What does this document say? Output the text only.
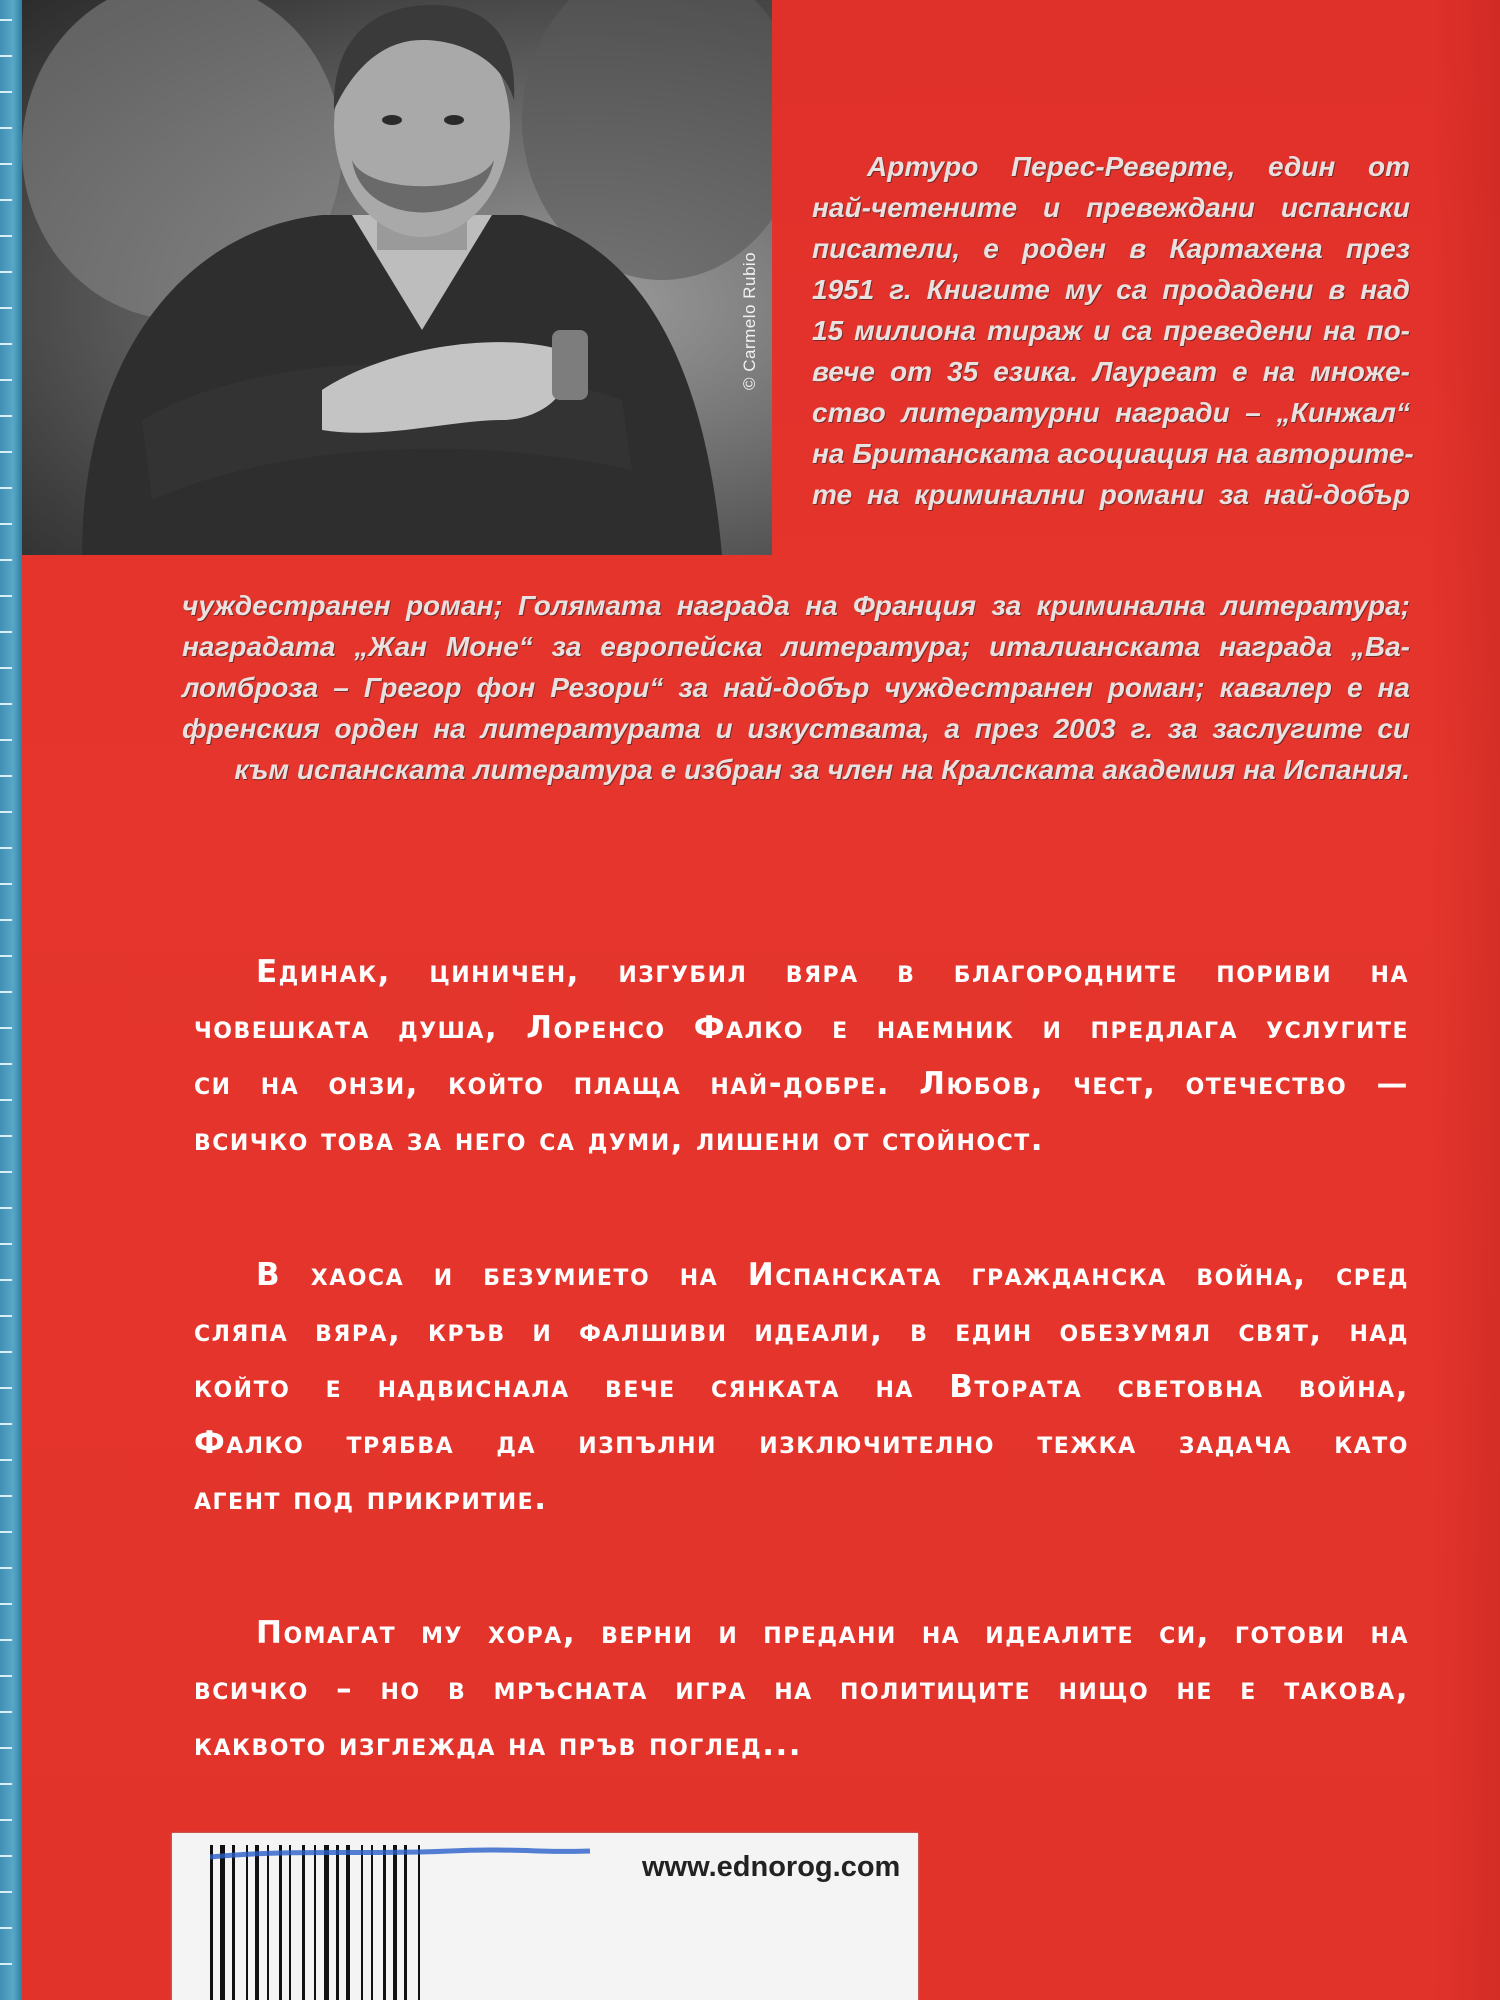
© Carmelo Rubio
Артуро Перес-Реверте, един от
най-четените и превеждани испански
писатели, е роден в Картахена през
1951 г. Книгите му са продадени в над
15 милиона тираж и са преведени на по-
вече от 35 езика. Лауреат е на множе-
ство литературни награди – „Кинжал“
на Британската асоциация на авторите-
те на криминални романи за най-добър
чуждестранен роман; Голямата награда на Франция за криминална литература;
наградата „Жан Моне“ за европейска литература; италианската награда „Ва-
ломброза – Грегор фон Резори“ за най-добър чуждестранен роман; кавалер е на
френския орден на литературата и изкуствата, а през 2003 г. за заслугите си
към испанската литература е избран за член на Кралската академия на Испания.
Единак, циничен, изгубил вяра в благородните пориви на
човешката душа, Лоренсо Фалко е наемник и предлага услугите
си на онзи, който плаща най-добре. Любов, чест, отечество —
всичко това за него са думи, лишени от стойност.
В хаоса и безумието на Испанската гражданска война, сред
сляпа вяра, кръв и фалшиви идеали, в един обезумял свят, над
който е надвиснала вече сянката на Втората световна война,
Фалко трябва да изпълни изключително тежка задача като
агент под прикритие.
Помагат му хора, верни и предани на идеалите си, готови на
всичко – но в мръсната игра на политиците нищо не е такова,
каквото изглежда на пръв поглед...
www.ednorog.com
